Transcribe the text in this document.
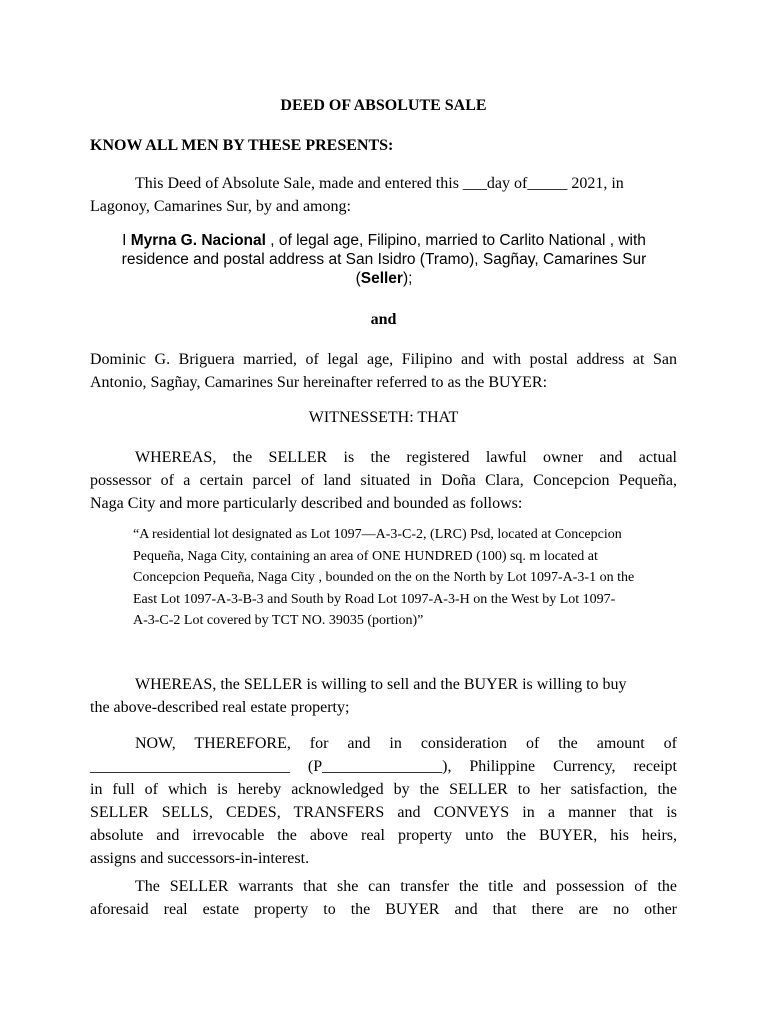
DEED OF ABSOLUTE SALE
KNOW ALL MEN BY THESE PRESENTS:
This Deed of Absolute Sale, made and entered this ___day of_____ 2021, in
Lagonoy, Camarines Sur, by and among:
I Myrna G. Nacional , of legal age, Filipino, married to Carlito National , with
residence and postal address at San Isidro (Tramo), Sagñay, Camarines Sur
(Seller);
and
Dominic G. Briguera married, of legal age, Filipino and with postal address at San
Antonio, Sagñay, Camarines Sur hereinafter referred to as the BUYER:
WITNESSETH: THAT
WHEREAS, the SELLER is the registered lawful owner and actual
possessor of a certain parcel of land situated in Doña Clara, Concepcion Pequeña,
Naga City and more particularly described and bounded as follows:
“A residential lot designated as Lot 1097—A-3-C-2, (LRC) Psd, located at Concepcion
Pequeña, Naga City, containing an area of ONE HUNDRED (100) sq. m located at
Concepcion Pequeña, Naga City , bounded on the on the North by Lot 1097-A-3-1 on the
East Lot 1097-A-3-B-3 and South by Road Lot 1097-A-3-H on the West by Lot 1097-
A-3-C-2 Lot covered by TCT NO. 39035 (portion)”
WHEREAS, the SELLER is willing to sell and the BUYER is willing to buy
the above-described real estate property;
NOW, THEREFORE, for and in consideration of the amount of
_________________________ (P_______________), Philippine Currency, receipt
in full of which is hereby acknowledged by the SELLER to her satisfaction, the
SELLER SELLS, CEDES, TRANSFERS and CONVEYS in a manner that is
absolute and irrevocable the above real property unto the BUYER, his heirs,
assigns and successors-in-interest.
The SELLER warrants that she can transfer the title and possession of the
aforesaid real estate property to the BUYER and that there are no other
